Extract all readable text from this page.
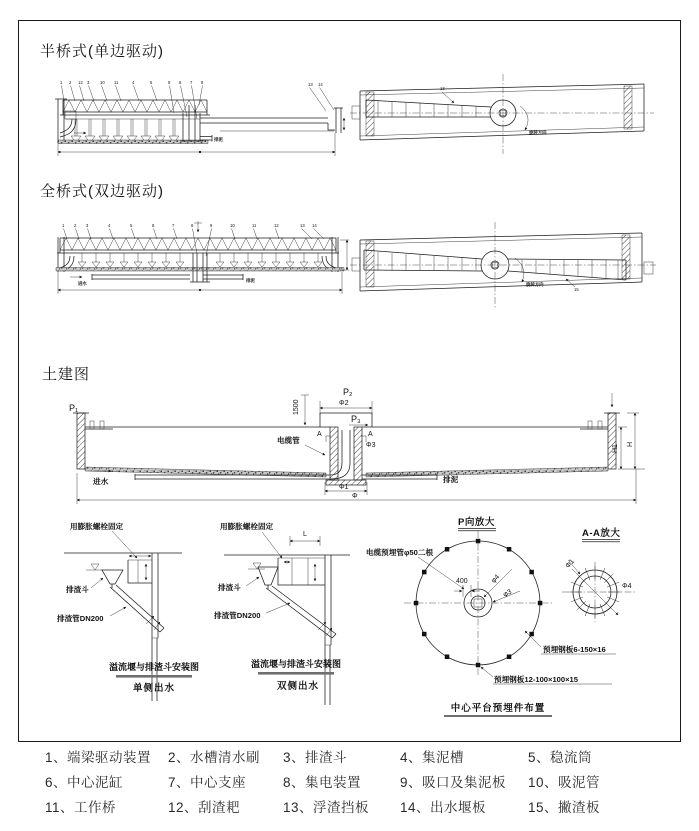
半桥式(单边驱动)
全桥式(双边驱动)
土建图
1 2 12 3	10 11	4	5	9 6 7 8	13 14
排泥
13
旋转方向
1 2 3	4	5	8	7	6	9	10	11	12	13 14
进水
排泥
旋转方向
15
P₁
P₂
进水	排泥
1500	Φ2
P₃
A
A
Φ3
电缆管
Φ1
Φ
H1 H
用膨胀螺栓固定
排渣斗
排渣管DN200
溢流堰与排渣斗安装图
单侧出水
用膨胀螺栓固定
L
排渣斗
排渣管DN200
溢流堰与排渣斗安装图
双侧出水
P向放大
电缆预埋管φ50二根
400	φ4
φ3
预埋钢板6-150×16
预埋钢板12-100×100×15
中心平台预埋件布置
A-A放大
Φ1
Φ4
1、端梁驱动装置	2、水槽清水刷	3、排渣斗	4、集泥槽	5、稳流筒
6、中心泥缸	7、中心支座	8、集电装置	9、吸口及集泥板	10、吸泥管
11、工作桥	12、刮渣耙	13、浮渣挡板	14、出水堰板	15、撇渣板
